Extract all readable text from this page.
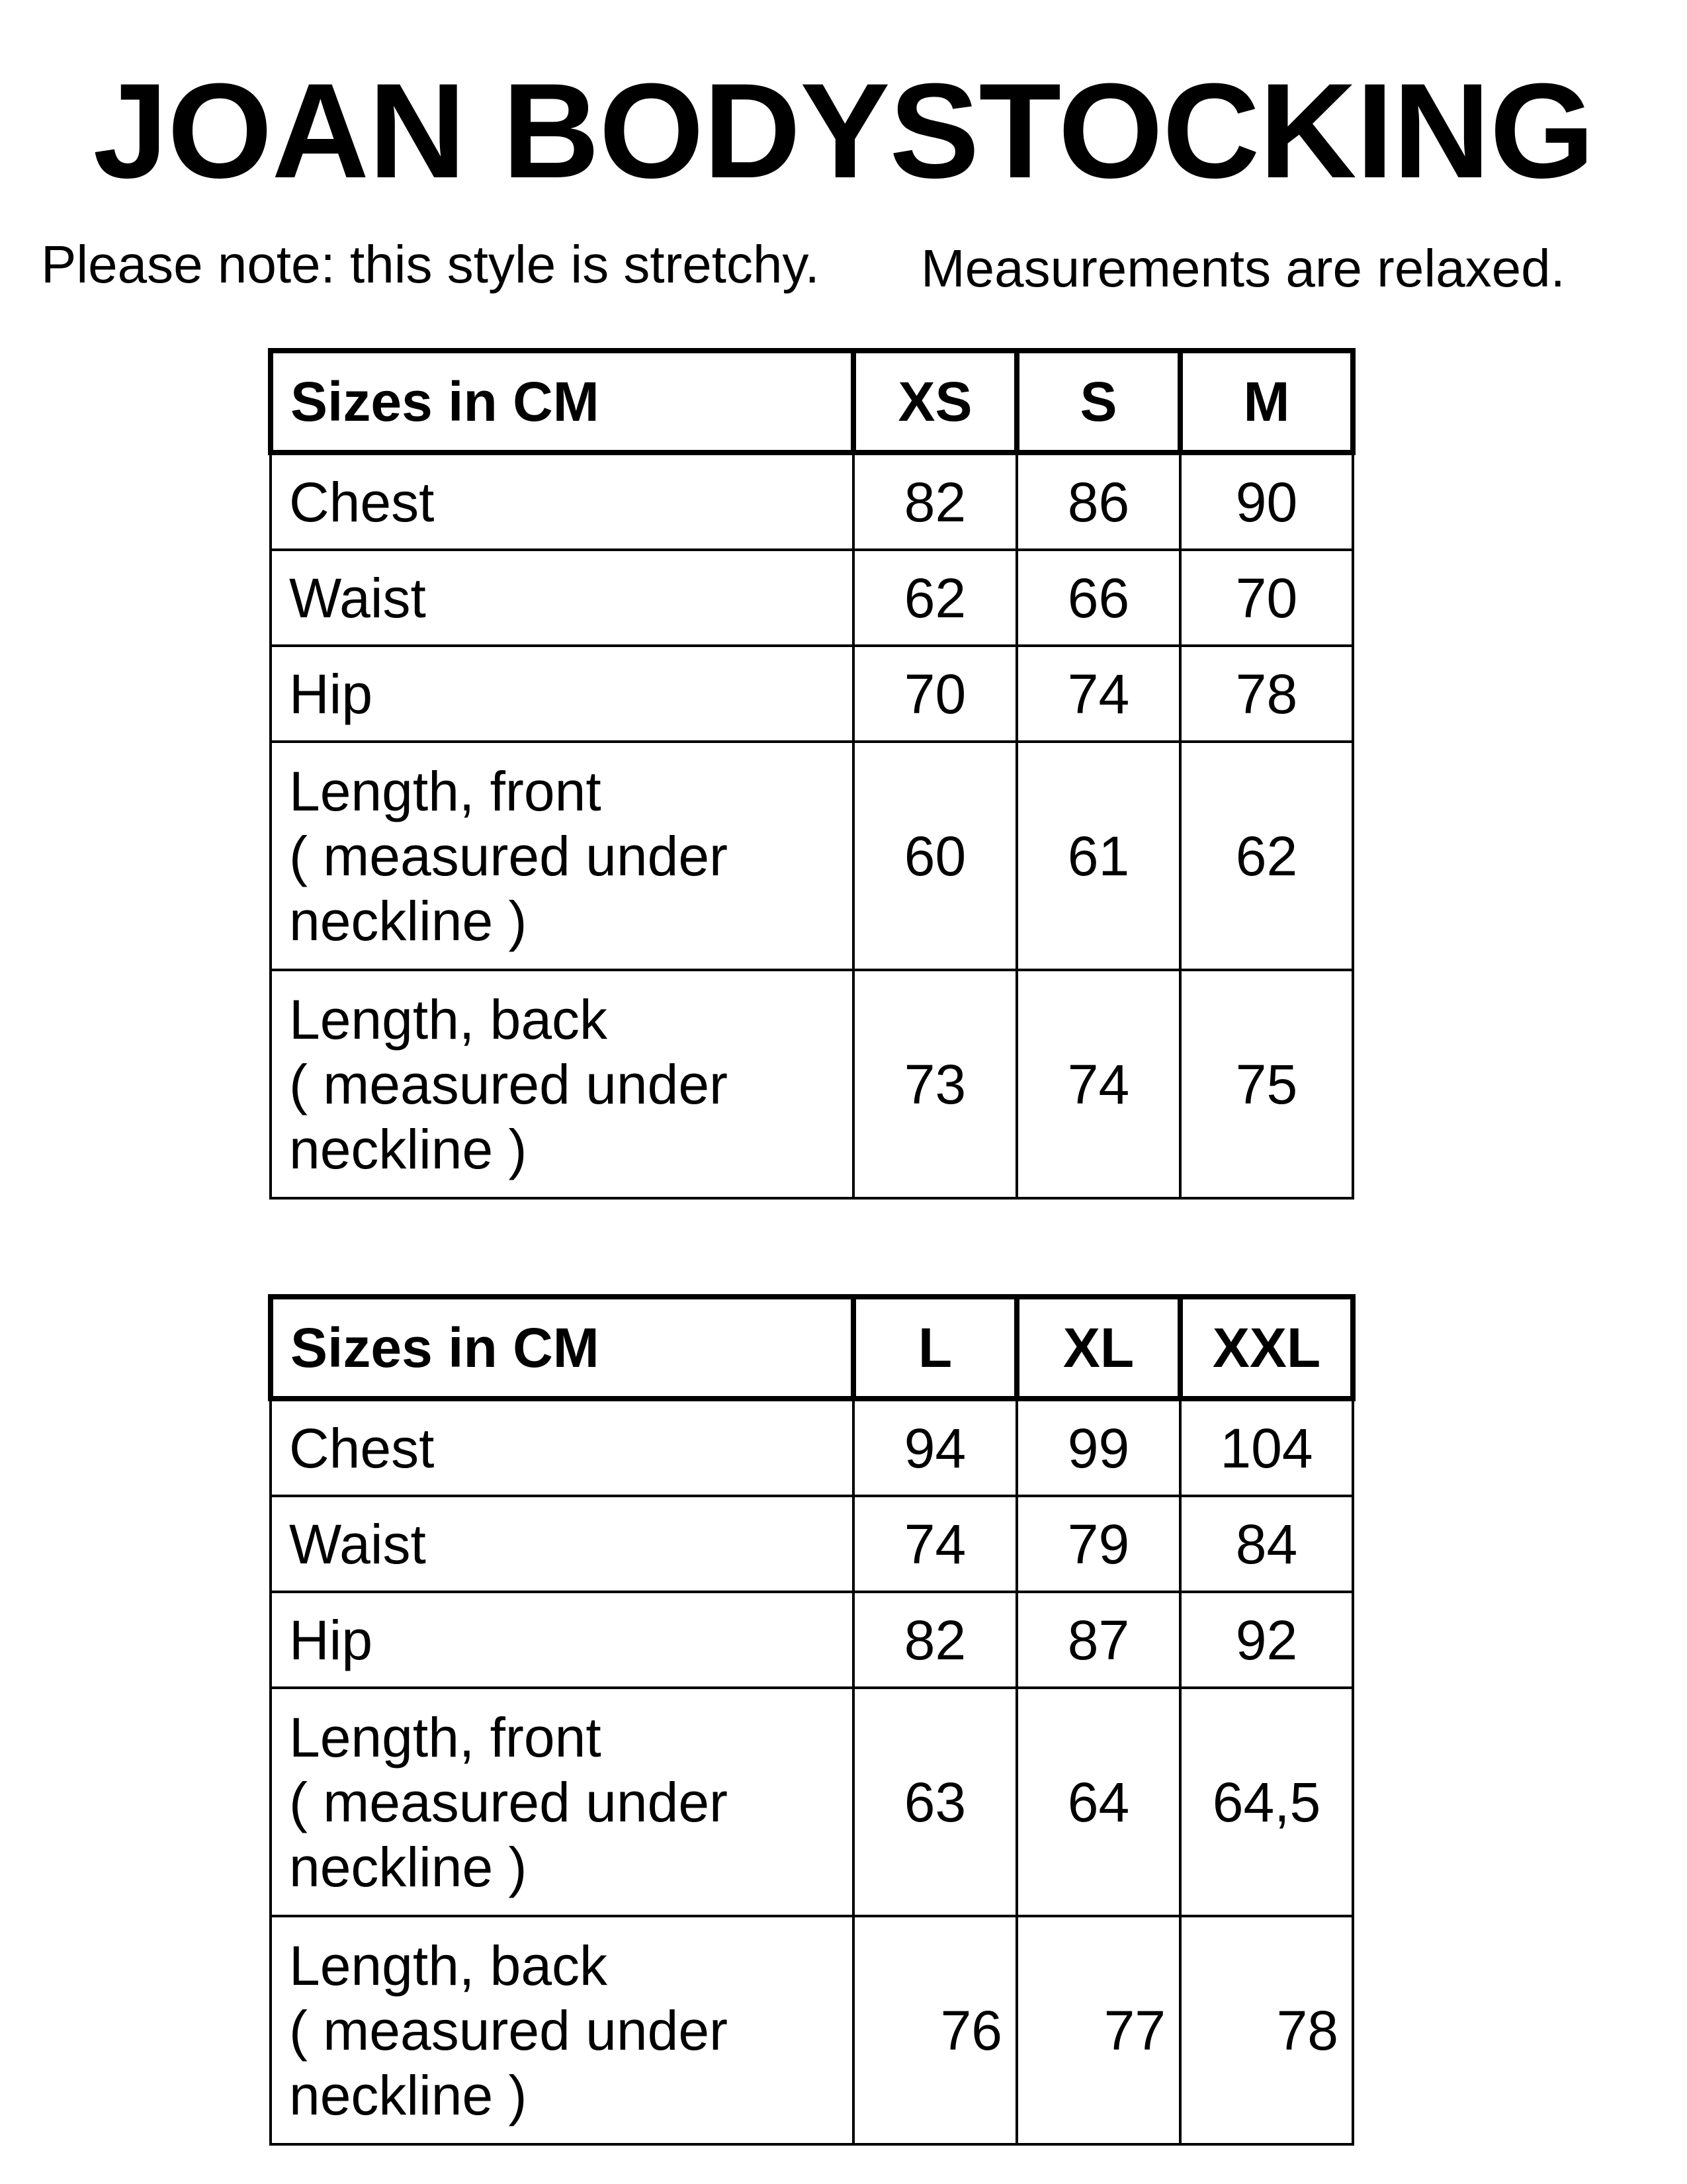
JOAN BODYSTOCKING
Please note: this style is stretchy. Measurements are relaxed.
Sizes in CM	XS	S	M
Chest	82	86	90
Waist	62	66	70
Hip	70	74	78

Length, front
( measured under
neckline )	60	61	62

Length, back
( measured under
neckline )	73	74	75
Sizes in CM	L	XL	XXL
Chest	94	99	104
Waist	74	79	84
Hip	82	87	92

Length, front
( measured under
neckline )	63	64	64,5

Length, back
( measured under
neckline )	76	77	78
